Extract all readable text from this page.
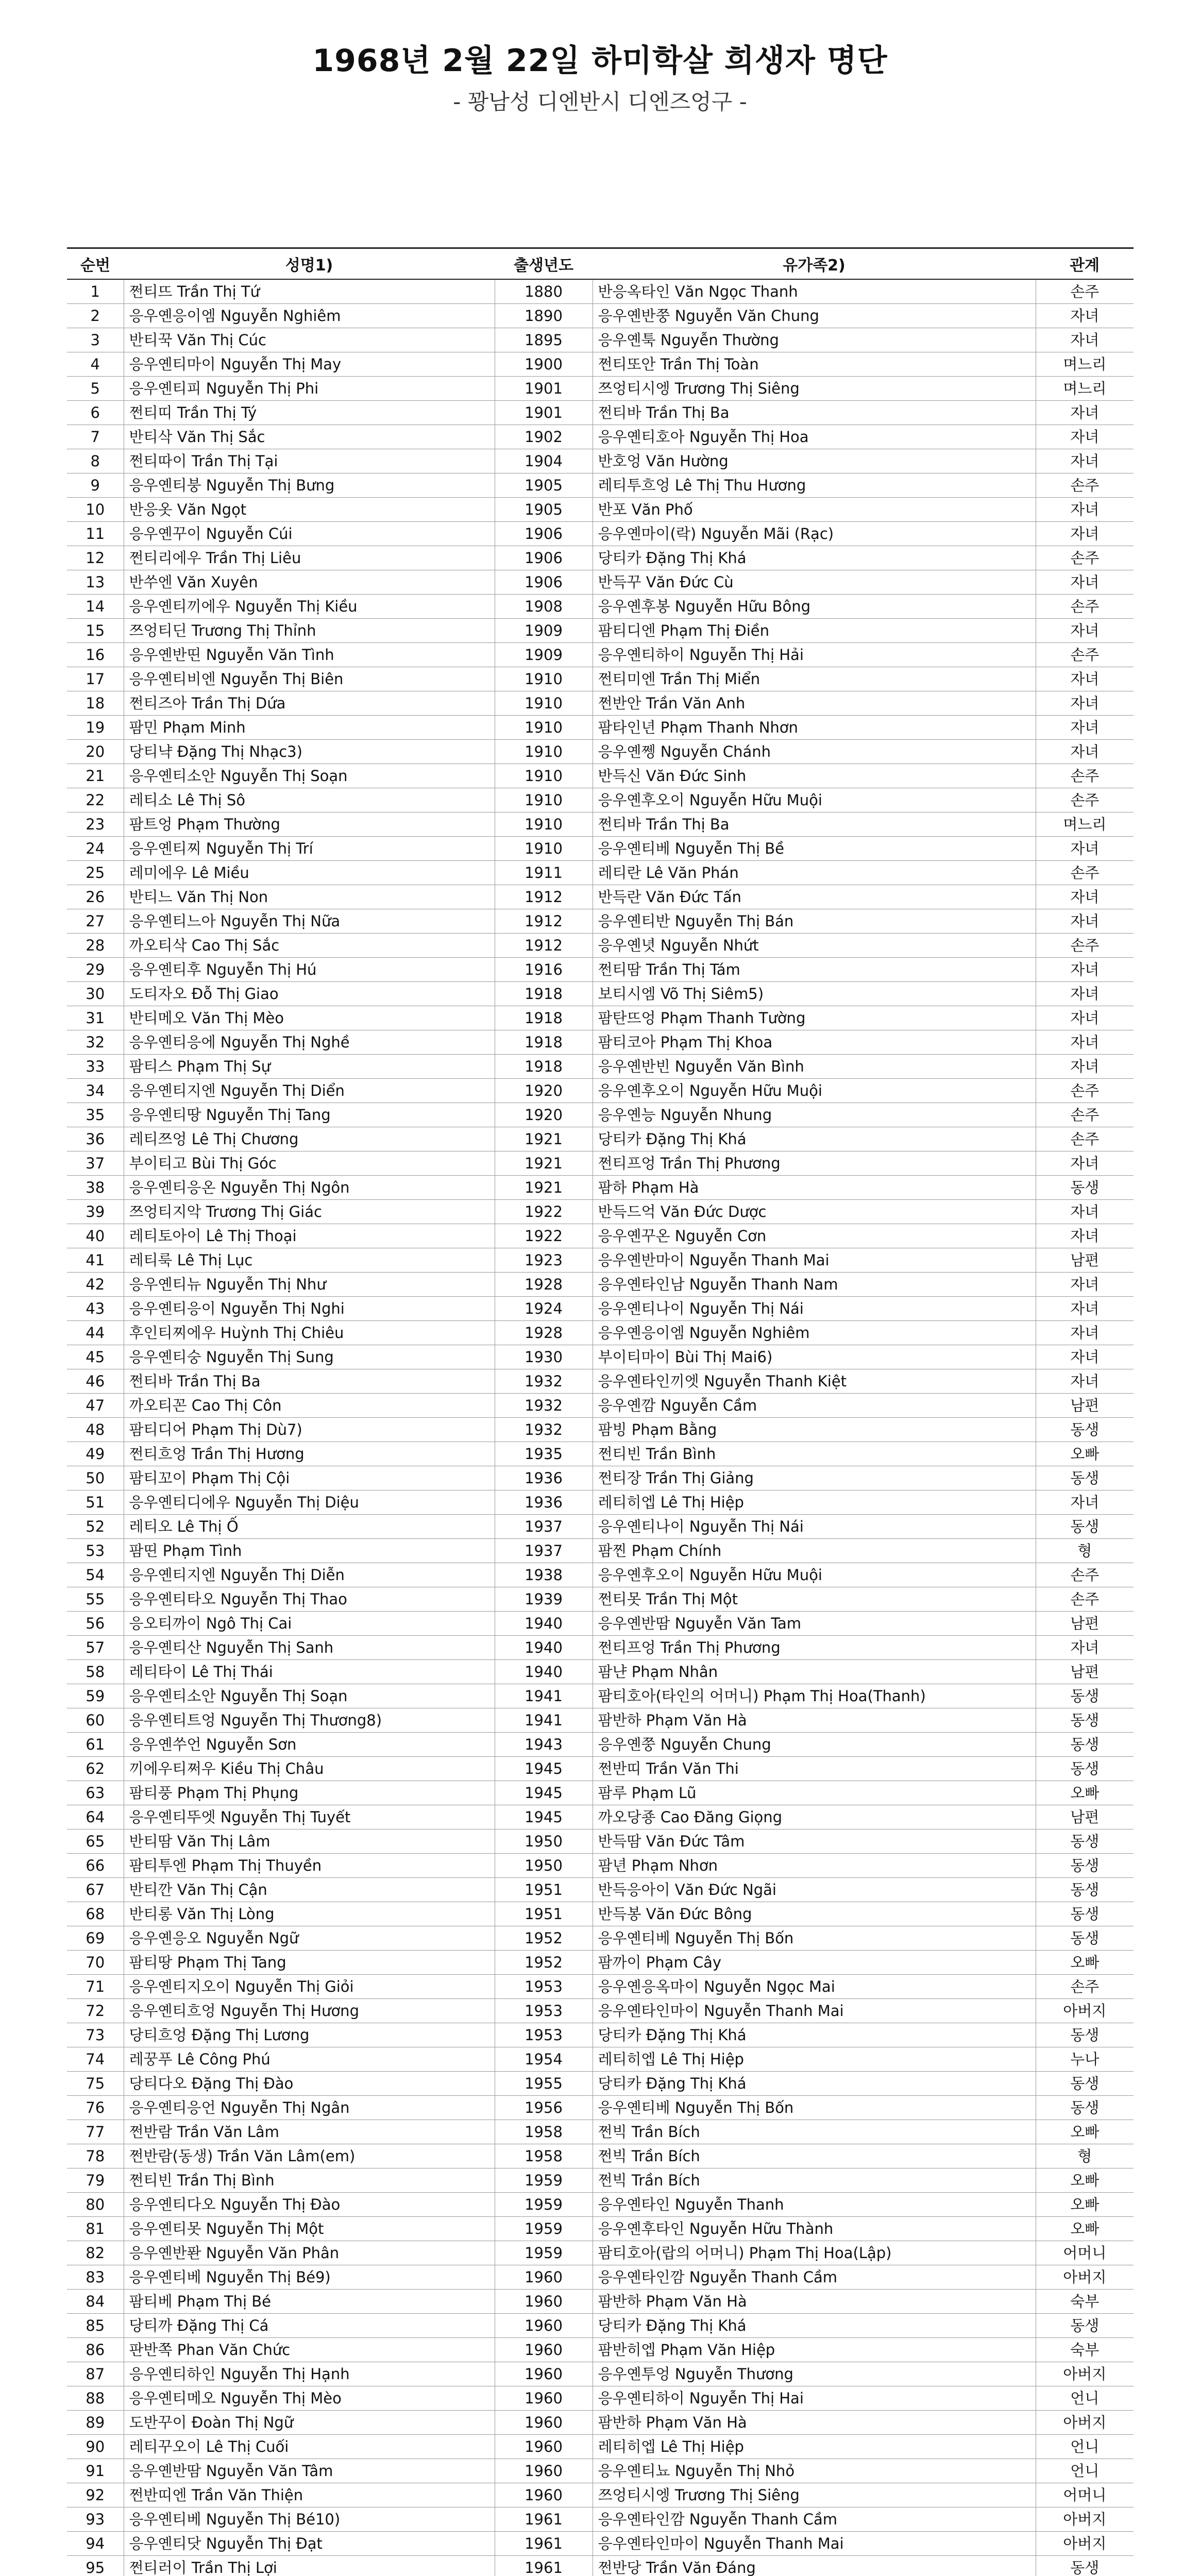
1968년 2월 22일 하미학살 희생자 명단
- 꽝남성 디엔반시 디엔즈엉구 -
순번	성명1)	출생년도	유가족2)	관계
1	쩐티뜨 Trần Thị Tứ	1880	반응옥타인 Văn Ngọc Thanh	손주
2	응우옌응이엠 Nguyễn Nghiêm	1890	응우옌반쭝 Nguyễn Văn Chung	자녀
3	반티꾹 Văn Thị Cúc	1895	응우옌툭 Nguyễn Thường	자녀
4	응우옌티마이 Nguyễn Thị May	1900	쩐티또안 Trần Thị Toàn	며느리
5	응우옌티피 Nguyễn Thị Phi	1901	쯔엉티시엥 Trương Thị Siêng	며느리
6	쩐티띠 Trần Thị Tý	1901	쩐티바 Trần Thị Ba	자녀
7	반티삭 Văn Thị Sắc	1902	응우옌티호아 Nguyễn Thị Hoa	자녀
8	쩐티따이 Trần Thị Tại	1904	반호엉 Văn Hường	자녀
9	응우옌티붕 Nguyễn Thị Bưng	1905	레티투흐엉 Lê Thị Thu Hương	손주
10	반응옷 Văn Ngọt	1905	반포 Văn Phố	자녀
11	응우옌꾸이 Nguyễn Cúi	1906	응우옌마이(락) Nguyễn Mãi (Rạc)	자녀
12	쩐티리에우 Trần Thị Liêu	1906	당티카 Đặng Thị Khá	손주
13	반쑤엔 Văn Xuyên	1906	반득꾸 Văn Đức Cù	자녀
14	응우옌티끼에우 Nguyễn Thị Kiều	1908	응우옌후봉 Nguyễn Hữu Bông	손주
15	쯔엉티딘 Trương Thị Thỉnh	1909	팜티디엔 Phạm Thị Điền	자녀
16	응우옌반띤 Nguyễn Văn Tình	1909	응우옌티하이 Nguyễn Thị Hải	손주
17	응우옌티비엔 Nguyễn Thị Biên	1910	쩐티미엔 Trần Thị Miển	자녀
18	쩐티즈아 Trần Thị Dứa	1910	쩐반안 Trần Văn Anh	자녀
19	팜민 Phạm Minh	1910	팜타인년 Phạm Thanh Nhơn	자녀
20	당티냑 Đặng Thị Nhạc3)	1910	응우옌쩽 Nguyễn Chánh	자녀
21	응우옌티소안 Nguyễn Thị Soạn	1910	반득신 Văn Đức Sinh	손주
22	레티소 Lê Thị Sô	1910	응우옌후오이 Nguyễn Hữu Muội	손주
23	팜트엉 Phạm Thường	1910	쩐티바 Trần Thị Ba	며느리
24	응우옌티찌 Nguyễn Thị Trí	1910	응우옌티베 Nguyễn Thị Bề	자녀
25	레미에우 Lê Miều	1911	레티란 Lê Văn Phán	손주
26	반티느 Văn Thị Non	1912	반득란 Văn Đức Tấn	자녀
27	응우옌티느아 Nguyễn Thị Nữa	1912	응우옌티반 Nguyễn Thị Bán	자녀
28	까오티삭 Cao Thị Sắc	1912	응우옌녓 Nguyễn Nhứt	손주
29	응우옌티후 Nguyễn Thị Hú	1916	쩐티땀 Trần Thị Tám	자녀
30	도티자오 Đỗ Thị Giao	1918	보티시엠 Võ Thị Siêm5)	자녀
31	반티메오 Văn Thị Mèo	1918	팜탄뜨엉 Phạm Thanh Tường	자녀
32	응우옌티응에 Nguyễn Thị Nghề	1918	팜티코아 Phạm Thị Khoa	자녀
33	팜티스 Phạm Thị Sự	1918	응우옌반빈 Nguyễn Văn Bình	자녀
34	응우옌티지엔 Nguyễn Thị Diển	1920	응우옌후오이 Nguyễn Hữu Muội	손주
35	응우옌티땅 Nguyễn Thị Tang	1920	응우옌능 Nguyễn Nhung	손주
36	레티쯔엉 Lê Thị Chương	1921	당티카 Đặng Thị Khá	손주
37	부이티고 Bùi Thị Góc	1921	쩐티프엉 Trần Thị Phương	자녀
38	응우옌티응온 Nguyễn Thị Ngôn	1921	팜하 Phạm Hà	동생
39	쯔엉티지악 Trương Thị Giác	1922	반득드억 Văn Đức Dược	자녀
40	레티토아이 Lê Thị Thoại	1922	응우옌꾸온 Nguyễn Cơn	자녀
41	레티룩 Lê Thị Lục	1923	응우옌반마이 Nguyễn Thanh Mai	남편
42	응우옌티뉴 Nguyễn Thị Như	1928	응우옌타인남 Nguyễn Thanh Nam	자녀
43	응우옌티응이 Nguyễn Thị Nghi	1924	응우옌티나이 Nguyễn Thị Nái	자녀
44	후인티찌에우 Huỳnh Thị Chiêu	1928	응우옌응이엠 Nguyễn Nghiêm	자녀
45	응우옌티숭 Nguyễn Thị Sung	1930	부이티마이 Bùi Thị Mai6)	자녀
46	쩐티바 Trần Thị Ba	1932	응우옌타인끼엣 Nguyễn Thanh Kiệt	자녀
47	까오티꼰 Cao Thị Côn	1932	응우옌깜 Nguyễn Cầm	남편
48	팜티디어 Phạm Thị Dù7)	1932	팜빙 Phạm Bằng	동생
49	쩐티흐엉 Trần Thị Hương	1935	쩐티빈 Trần Bình	오빠
50	팜티꼬이 Phạm Thị Cội	1936	쩐티장 Trần Thị Giảng	동생
51	응우옌티디에우 Nguyễn Thị Diệu	1936	레티히엡 Lê Thị Hiệp	자녀
52	레티오 Lê Thị Ố	1937	응우옌티나이 Nguyễn Thị Nái	동생
53	팜띤 Phạm Tình	1937	팜찐 Phạm Chính	형
54	응우옌티지엔 Nguyễn Thị Diễn	1938	응우옌후오이 Nguyễn Hữu Muội	손주
55	응우옌티타오 Nguyễn Thị Thao	1939	쩐티못 Trần Thị Một	손주
56	응오티까이 Ngô Thị Cai	1940	응우옌반땀 Nguyễn Văn Tam	남편
57	응우옌티산 Nguyễn Thị Sanh	1940	쩐티프엉 Trần Thị Phương	자녀
58	레티타이 Lê Thị Thái	1940	팜냔 Phạm Nhân	남편
59	응우옌티소안 Nguyễn Thị Soạn	1941	팜티호아(타인의 어머니) Phạm Thị Hoa(Thanh)	동생
60	응우옌티트엉 Nguyễn Thị Thương8)	1941	팜반하 Phạm Văn Hà	동생
61	응우옌쑤언 Nguyễn Sơn	1943	응우옌쭝 Nguyễn Chung	동생
62	끼에우티쩌우 Kiều Thị Châu	1945	쩐반띠 Trần Văn Thi	동생
63	팜티풍 Phạm Thị Phụng	1945	팜루 Phạm Lũ	오빠
64	응우옌티뚜엣 Nguyễn Thị Tuyết	1945	까오당죵 Cao Đăng Giọng	남편
65	반티땀 Văn Thị Lâm	1950	반득땀 Văn Đức Tâm	동생
66	팜티투엔 Phạm Thị Thuyền	1950	팜년 Phạm Nhơn	동생
67	반티깐 Văn Thị Cận	1951	반득응아이 Văn Đức Ngãi	동생
68	반티롱 Văn Thị Lòng	1951	반득봉 Văn Đức Bông	동생
69	응우옌응오 Nguyễn Ngữ	1952	응우옌티베 Nguyễn Thị Bốn	동생
70	팜티땅 Phạm Thị Tang	1952	팜까이 Phạm Cây	오빠
71	응우옌티지오이 Nguyễn Thị Giỏi	1953	응우옌응옥마이 Nguyễn Ngọc Mai	손주
72	응우옌티흐엉 Nguyễn Thị Hương	1953	응우옌타인마이 Nguyễn Thanh Mai	아버지
73	당티흐엉 Đặng Thị Lương	1953	당티카 Đặng Thị Khá	동생
74	레꿍푸 Lê Công Phú	1954	레티히엡 Lê Thị Hiệp	누나
75	당티다오 Đặng Thị Đào	1955	당티카 Đặng Thị Khá	동생
76	응우옌티응언 Nguyễn Thị Ngân	1956	응우옌티베 Nguyễn Thị Bốn	동생
77	쩐반람 Trần Văn Lâm	1958	쩐빅 Trần Bích	오빠
78	쩐반람(동생) Trần Văn Lâm(em)	1958	쩐빅 Trần Bích	형
79	쩐티빈 Trần Thị Bình	1959	쩐빅 Trần Bích	오빠
80	응우옌티다오 Nguyễn Thị Đào	1959	응우옌타인 Nguyễn Thanh	오빠
81	응우옌티못 Nguyễn Thị Một	1959	응우옌후타인 Nguyễn Hữu Thành	오빠
82	응우옌반퐌 Nguyễn Văn Phân	1959	팜티호아(랍의 어머니) Phạm Thị Hoa(Lập)	어머니
83	응우옌티베 Nguyễn Thị Bé9)	1960	응우옌타인깜 Nguyễn Thanh Cầm	아버지
84	팜티베 Phạm Thị Bé	1960	팜반하 Phạm Văn Hà	숙부
85	당티까 Đặng Thị Cá	1960	당티카 Đặng Thị Khá	동생
86	판반쪽 Phan Văn Chức	1960	팜반히엡 Phạm Văn Hiệp	숙부
87	응우옌티하인 Nguyễn Thị Hạnh	1960	응우옌투엉 Nguyễn Thương	아버지
88	응우옌티메오 Nguyễn Thị Mèo	1960	응우옌티하이 Nguyễn Thị Hai	언니
89	도반꾸이 Đoàn Thị Ngữ	1960	팜반하 Phạm Văn Hà	아버지
90	레티꾸오이 Lê Thị Cuối	1960	레티히엡 Lê Thị Hiệp	언니
91	응우옌반땀 Nguyễn Văn Tâm	1960	응우옌티뇨 Nguyễn Thị Nhỏ	언니
92	쩐반띠엔 Trần Văn Thiện	1960	쯔엉티시엥 Trương Thị Siêng	어머니
93	응우옌티베 Nguyễn Thị Bé10)	1961	응우옌타인깜 Nguyễn Thanh Cầm	아버지
94	응우옌티닷 Nguyễn Thị Đạt	1961	응우옌타인마이 Nguyễn Thanh Mai	아버지
95	쩐티러이 Trần Thị Lợi	1961	쩐반당 Trần Văn Đáng	동생
